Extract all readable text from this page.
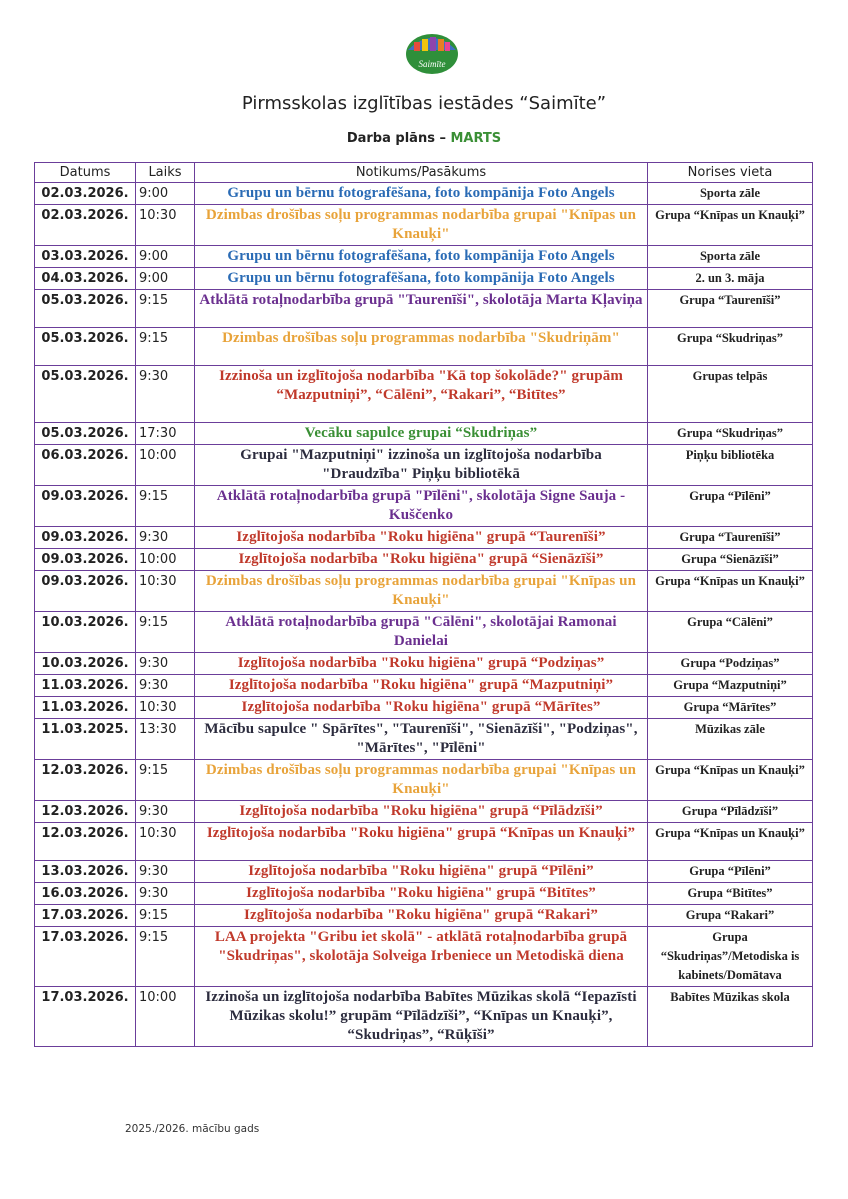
Saimīte
Pirmsskolas izglītības iestādes “Saimīte”
Darba plāns – MARTS
Datums	Laiks	Notikums/Pasākums	Norises vieta
02.03.2026.	9:00	Grupu un bērnu fotografēšana, foto kompānija Foto Angels	Sporta zāle
02.03.2026.	10:30	Dzimbas drošības soļu programmas nodarbība grupai "Knīpas un Knauķi"	Grupa “Knīpas un Knauķi”
03.03.2026.	9:00	Grupu un bērnu fotografēšana, foto kompānija Foto Angels	Sporta zāle
04.03.2026.	9:00	Grupu un bērnu fotografēšana, foto kompānija Foto Angels	2. un 3. māja
05.03.2026.	9:15	Atklātā rotaļnodarbība grupā "Taurenīši", skolotāja Marta Kļaviņa	Grupa “Taurenīši”
05.03.2026.	9:15	Dzimbas drošības soļu programmas nodarbība "Skudriņām"	Grupa “Skudriņas”
05.03.2026.	9:30	Izzinoša un izglītojoša nodarbība "Kā top šokolāde?" grupām “Mazputniņi”, “Cālēni”, “Rakari”, “Bitītes”	Grupas telpās
05.03.2026.	17:30	Vecāku sapulce grupai “Skudriņas”	Grupa “Skudriņas”
06.03.2026.	10:00	Grupai "Mazputniņi" izzinoša un izglītojoša nodarbība "Draudzība" Piņķu bibliotēkā	Piņķu bibliotēka
09.03.2026.	9:15	Atklātā rotaļnodarbība grupā "Pīlēni", skolotāja Signe Sauja - Kuščenko	Grupa “Pīlēni”
09.03.2026.	9:30	Izglītojoša nodarbība "Roku higiēna" grupā “Taurenīši”	Grupa “Taurenīši”
09.03.2026.	10:00	Izglītojoša nodarbība "Roku higiēna" grupā “Sienāzīši”	Grupa “Sienāzīši”
09.03.2026.	10:30	Dzimbas drošības soļu programmas nodarbība grupai "Knīpas un Knauķi"	Grupa “Knīpas un Knauķi”
10.03.2026.	9:15	Atklātā rotaļnodarbība grupā "Cālēni", skolotājai Ramonai Danielai	Grupa “Cālēni”
10.03.2026.	9:30	Izglītojoša nodarbība "Roku higiēna" grupā “Podziņas”	Grupa “Podziņas”
11.03.2026.	9:30	Izglītojoša nodarbība "Roku higiēna" grupā “Mazputniņi”	Grupa “Mazputniņi”
11.03.2026.	10:30	Izglītojoša nodarbība "Roku higiēna" grupā “Mārītes”	Grupa “Mārītes”
11.03.2025.	13:30	Mācību sapulce " Spārītes", "Taurenīši", "Sienāzīši", "Podziņas", "Mārītes", "Pīlēni"	Mūzikas zāle
12.03.2026.	9:15	Dzimbas drošības soļu programmas nodarbība grupai "Knīpas un Knauķi"	Grupa “Knīpas un Knauķi”
12.03.2026.	9:30	Izglītojoša nodarbība "Roku higiēna" grupā “Pīlādzīši”	Grupa “Pīlādzīši”
12.03.2026.	10:30	Izglītojoša nodarbība "Roku higiēna" grupā “Knīpas un Knauķi”	Grupa “Knīpas un Knauķi”
13.03.2026.	9:30	Izglītojoša nodarbība "Roku higiēna" grupā “Pīlēni”	Grupa “Pīlēni”
16.03.2026.	9:30	Izglītojoša nodarbība "Roku higiēna" grupā “Bitītes”	Grupa “Bitītes”
17.03.2026.	9:15	Izglītojoša nodarbība "Roku higiēna" grupā “Rakari”	Grupa “Rakari”
17.03.2026.	9:15	LAA projekta "Gribu iet skolā" - atklātā rotaļnodarbība grupā "Skudriņas", skolotāja Solveiga Irbeniece un Metodiskā diena	Grupa “Skudriņas”/Metodiska is kabinets/Domātava
17.03.2026.	10:00	Izzinoša un izglītojoša nodarbība Babītes Mūzikas skolā “Iepazīsti Mūzikas skolu!” grupām “Pīlādzīši”, “Knīpas un Knauķi”, “Skudriņas”, “Rūķīši”	Babītes Mūzikas skola
2025./2026. mācību gads
